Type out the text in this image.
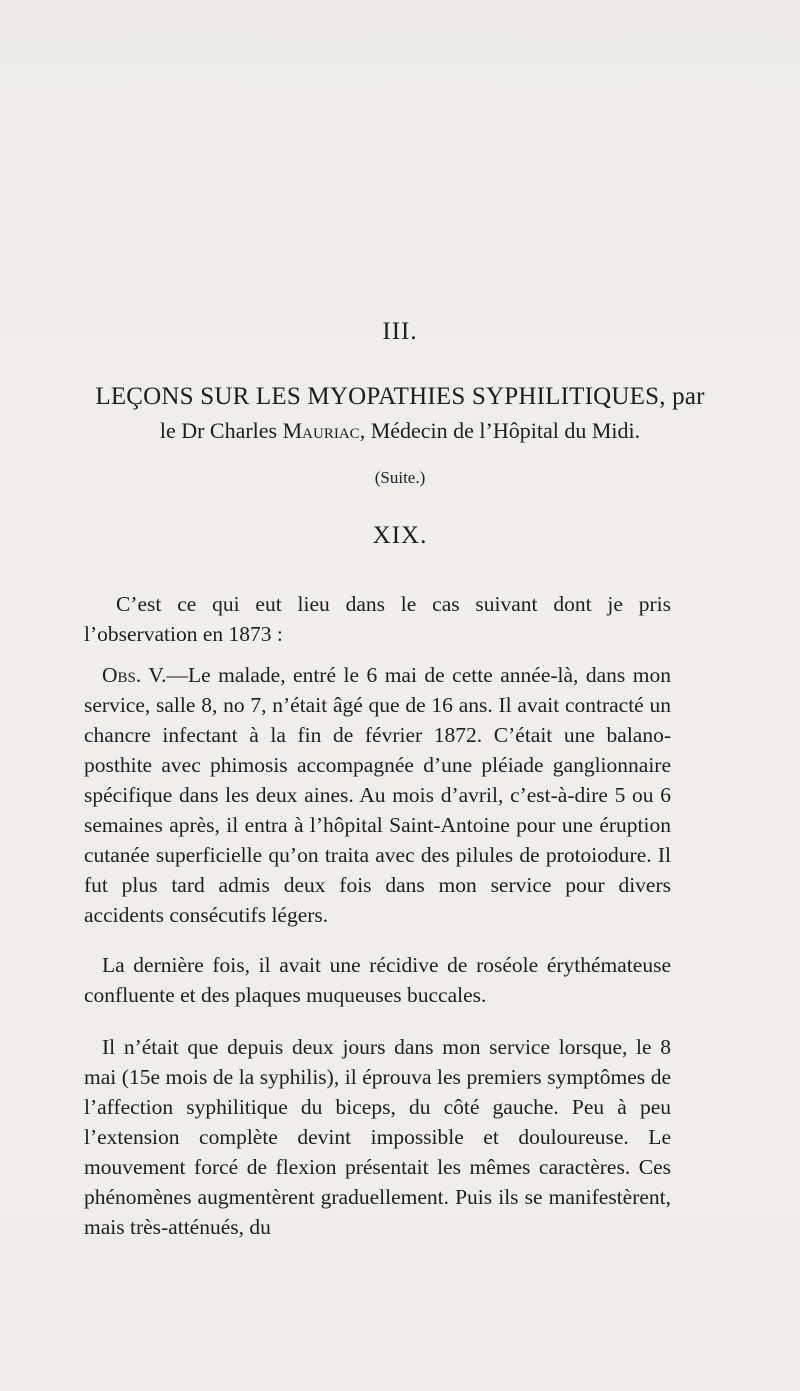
III.
LEÇONS SUR LES MYOPATHIES SYPHILITIQUES, par
le Dr Charles Mauriac, Médecin de l’Hôpital du Midi.
(Suite.)
XIX.

C’est ce qui eut lieu dans le cas suivant dont je pris l’observation en 1873 :

Obs. V.—Le malade, entré le 6 mai de cette année-là, dans mon service, salle 8, no 7, n’était âgé que de 16 ans. Il avait contracté un chancre infectant à la fin de février 1872. C’était une balano-posthite avec phimosis accompagnée d’une pléiade ganglionnaire spécifique dans les deux aines. Au mois d’avril, c’est-à-dire 5 ou 6 semaines après, il entra à l’hôpital Saint-Antoine pour une éruption cutanée superficielle qu’on traita avec des pilules de protoiodure. Il fut plus tard admis deux fois dans mon service pour divers accidents consécutifs légers.

La dernière fois, il avait une récidive de roséole érythémateuse confluente et des plaques muqueuses buccales.

Il n’était que depuis deux jours dans mon service lorsque, le 8 mai (15e mois de la syphilis), il éprouva les premiers symptômes de l’affection syphilitique du biceps, du côté gauche. Peu à peu l’extension complète devint impossible et douloureuse. Le mouvement forcé de flexion présentait les mêmes caractères. Ces phénomènes augmentèrent graduellement. Puis ils se manifestèrent, mais très-atténués, du
